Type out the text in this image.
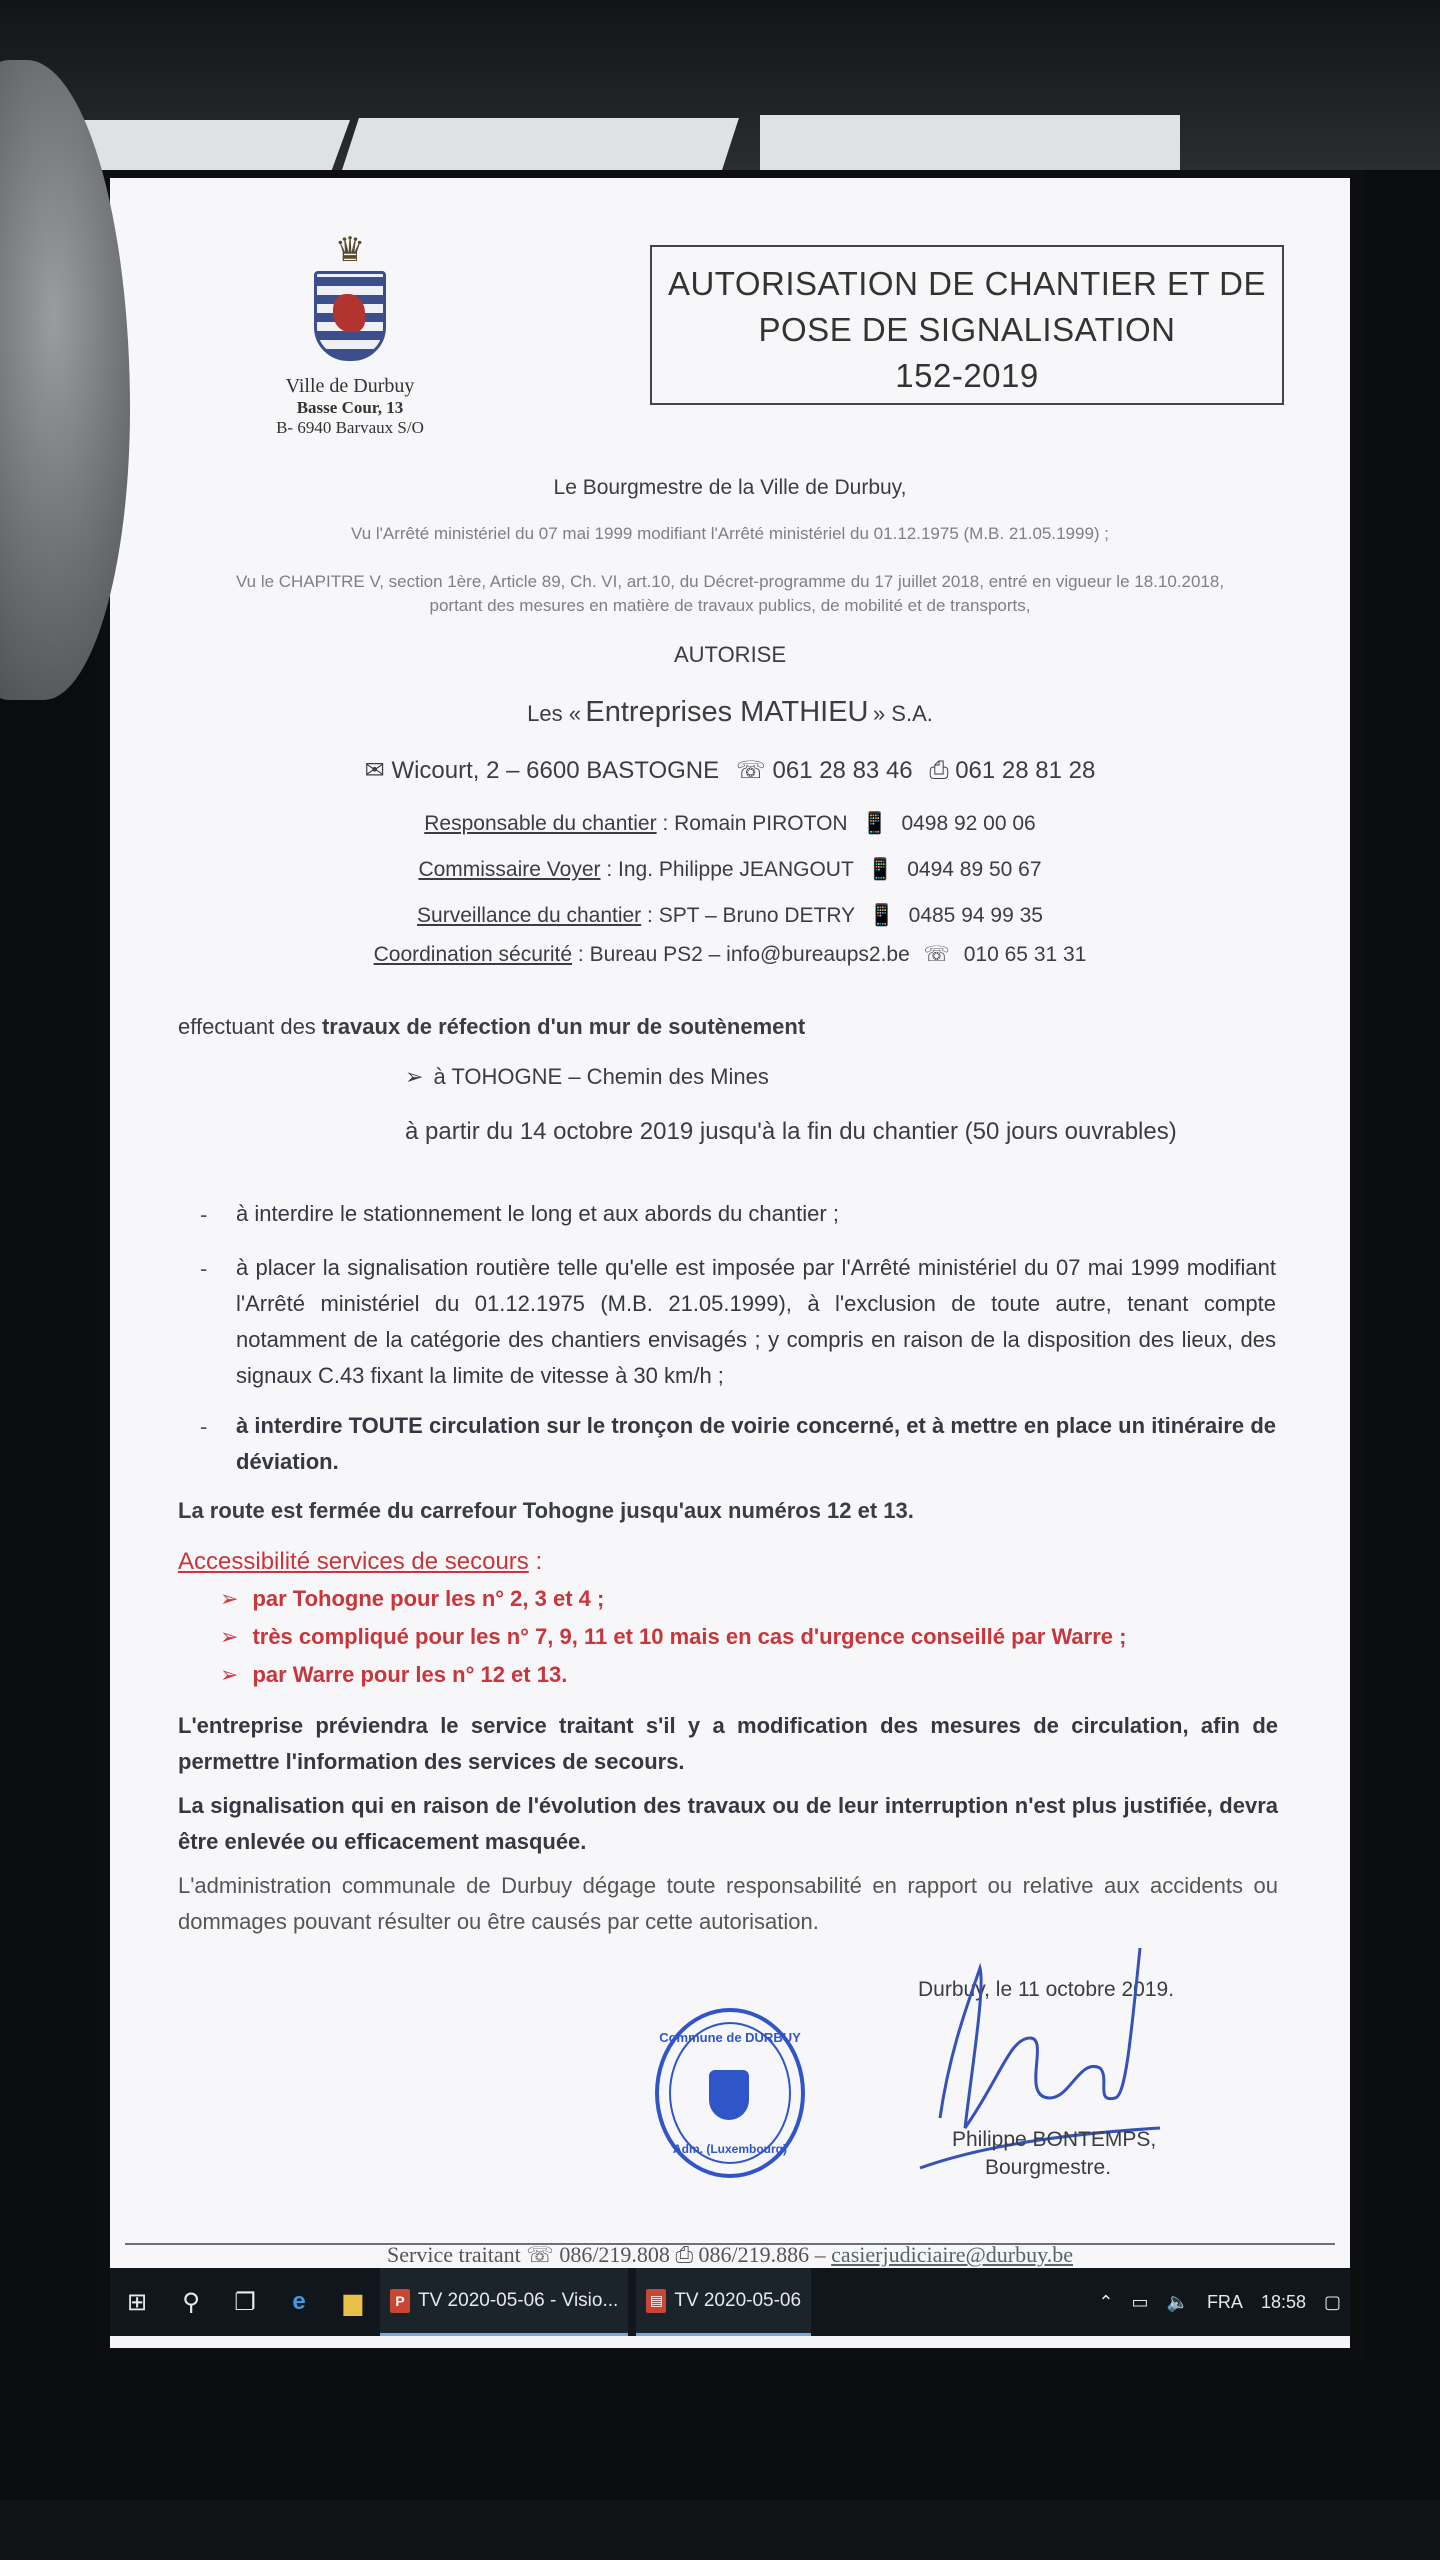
♛
Ville de Durbuy
Basse Cour, 13
B- 6940 Barvaux S/O
AUTORISATION DE CHANTIER ET DE
POSE DE SIGNALISATION
152-2019
Le Bourgmestre de la Ville de Durbuy,
Vu l'Arrêté ministériel du 07 mai 1999 modifiant l'Arrêté ministériel du 01.12.1975 (M.B. 21.05.1999) ;
Vu le CHAPITRE V, section 1ère, Article 89, Ch. VI, art.10, du Décret-programme du 17 juillet 2018, entré en vigueur le 18.10.2018,
portant des mesures en matière de travaux publics, de mobilité et de transports,
AUTORISE
Les « Entreprises MATHIEU » S.A.
✉ Wicourt, 2 – 6600 BASTOGNE ☏ 061 28 83 46 ⎙ 061 28 81 28
Responsable du chantier : Romain PIROTON 📱 0498 92 00 06
Commissaire Voyer : Ing. Philippe JEANGOUT 📱 0494 89 50 67
Surveillance du chantier : SPT – Bruno DETRY 📱 0485 94 99 35
Coordination sécurité : Bureau PS2 – info@bureaups2.be ☏ 010 65 31 31
effectuant des travaux de réfection d'un mur de soutènement
➢ à TOHOGNE – Chemin des Mines
à partir du 14 octobre 2019 jusqu'à la fin du chantier (50 jours ouvrables)
- à interdire le stationnement le long et aux abords du chantier ;
- à placer la signalisation routière telle qu'elle est imposée par l'Arrêté ministériel du 07 mai 1999 modifiant l'Arrêté ministériel du 01.12.1975 (M.B. 21.05.1999), à l'exclusion de toute autre, tenant compte notamment de la catégorie des chantiers envisagés ; y compris en raison de la disposition des lieux, des signaux C.43 fixant la limite de vitesse à 30 km/h ;
- à interdire TOUTE circulation sur le tronçon de voirie concerné, et à mettre en place un itinéraire de déviation.
La route est fermée du carrefour Tohogne jusqu'aux numéros 12 et 13.
Accessibilité services de secours :
➢ par Tohogne pour les n° 2, 3 et 4 ;
➢ très compliqué pour les n° 7, 9, 11 et 10 mais en cas d'urgence conseillé par Warre ;
➢ par Warre pour les n° 12 et 13.
L'entreprise préviendra le service traitant s'il y a modification des mesures de circulation, afin de permettre l'information des services de secours.
La signalisation qui en raison de l'évolution des travaux ou de leur interruption n'est plus justifiée, devra être enlevée ou efficacement masquée.
L'administration communale de Durbuy dégage toute responsabilité en rapport ou relative aux accidents ou dommages pouvant résulter ou être causés par cette autorisation.
Durbuy, le 11 octobre 2019.
Philippe BONTEMPS,
Bourgmestre.
Commune de DURBUY
Adm. (Luxembourg)
Service traitant ☏ 086/219.808 ⎙ 086/219.886 – casierjudiciaire@durbuy.be
⊞	⚲	❐	e	▆	P TV 2020-05-06 - Visio... ▤ TV 2020-05-06	⌃ ▭ 🔈 FRA 18:58 ▢
